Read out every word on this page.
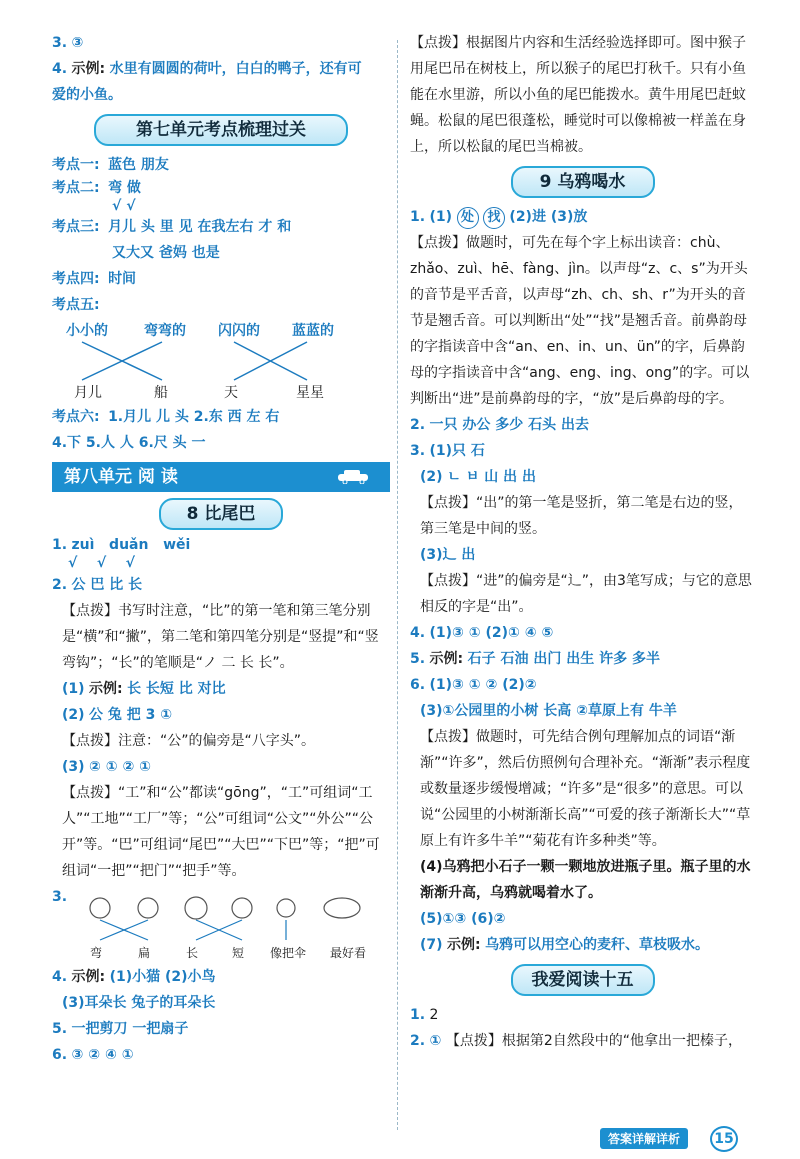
3. ③
4. 示例: 水里有圆圆的荷叶，白白的鸭子，还有可
爱的小鱼。
第七单元考点梳理过关
考点一: 蓝色 朋友
考点二: 弯 做
√ √
考点三: 月儿 头 里 见 在我左右 才 和
又大又 爸妈 也是
考点四: 时间
考点五:
小小的	弯弯的 闪闪的 蓝蓝的
月儿	船	天	星星
考点六: 1.月儿 儿 头 2.东 西 左 右
4.下 5.人 人 6.尺 头 一
第八单元 阅 读
8 比尾巴
1. zuì   duǎn   wěi
√    √    √
2. 公 巴 比 长
【点拨】书写时注意，“比”的第一笔和第三笔分别是“横”和“撇”，第二笔和第四笔分别是“竖提”和“竖弯钩”；“长”的笔顺是“ノ 二 长 长”。
(1) 示例: 长 长短 比 对比
(2) 公 兔 把 3 ①
【点拨】注意：“公”的偏旁是“八字头”。
(3) ② ① ② ①
【点拨】“工”和“公”都读“gōng”，“工”可组词“工人”“工地”“工厂”等；“公”可组词“公文”“外公”“公开”等。“巴”可组词“尾巴”“大巴”“下巴”等；“把”可组词“一把”“把门”“把手”等。
3.
弯	扁	长	短 像把伞 最好看
4. 示例: (1)小猫 (2)小鸟
(3)耳朵长 兔子的耳朵长
5. 一把剪刀 一把扇子
6. ③ ② ④ ①
【点拨】根据图片内容和生活经验选择即可。图中猴子用尾巴吊在树枝上，所以猴子的尾巴打秋千。只有小鱼能在水里游，所以小鱼的尾巴能拨水。黄牛用尾巴赶蚊蝇。松鼠的尾巴很蓬松，睡觉时可以像棉被一样盖在身上，所以松鼠的尾巴当棉被。
9 乌鸦喝水
1. (1) 处 找 (2)进 (3)放
【点拨】做题时，可先在每个字上标出读音：chù、zhǎo、zuì、hē、fàng、jìn。以声母“z、c、s”为开头的音节是平舌音，以声母“zh、ch、sh、r”为开头的音节是翘舌音。可以判断出“处”“找”是翘舌音。前鼻韵母的字指读音中含“an、en、in、un、ün”的字，后鼻韵母的字指读音中含“ang、eng、ing、ong”的字。可以判断出“进”是前鼻韵母的字，“放”是后鼻韵母的字。
2. 一只 办公 多少 石头 出去
3. (1)只 石
(2) ㄴ ㅂ 山 出 出
【点拨】“出”的第一笔是竖折，第二笔是右边的竖，第三笔是中间的竖。
(3)辶 出
【点拨】“进”的偏旁是“辶”，由3笔写成；与它的意思相反的字是“出”。
4. (1)③ ① (2)① ④ ⑤
5. 示例: 石子 石油 出门 出生 许多 多半
6. (1)③ ① ② (2)②
(3)①公园里的小树 长高 ②草原上有 牛羊
【点拨】做题时，可先结合例句理解加点的词语“渐渐”“许多”，然后仿照例句合理补充。“渐渐”表示程度或数量逐步缓慢增减；“许多”是“很多”的意思。可以说“公园里的小树渐渐长高”“可爱的孩子渐渐长大”“草原上有许多牛羊”“菊花有许多种类”等。
(4)乌鸦把小石子一颗一颗地放进瓶子里。瓶子里的水渐渐升高，乌鸦就喝着水了。
(5)①③ (6)②
(7) 示例: 乌鸦可以用空心的麦秆、草枝吸水。
我爱阅读十五
1. 2
2. ① 【点拨】根据第2自然段中的“他拿出一把榛子，
答案详解详析	15
